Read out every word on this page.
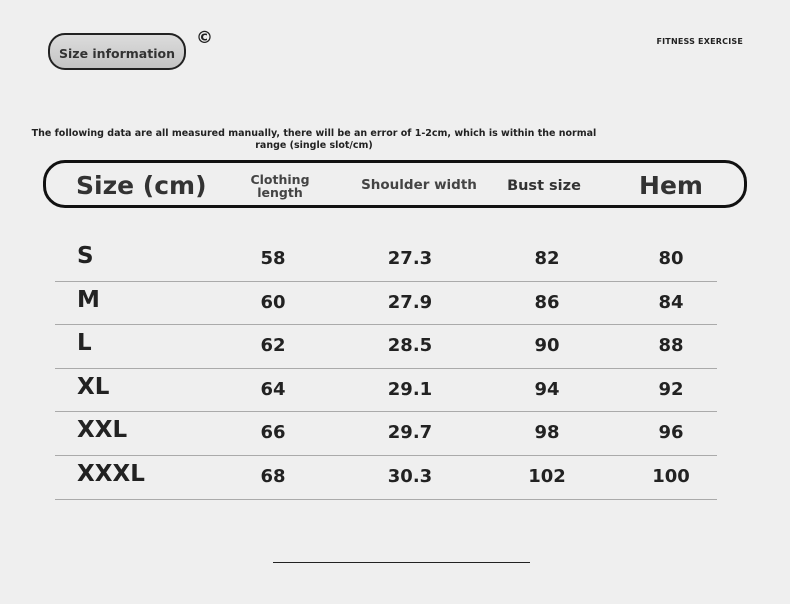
Size information
©	FITNESS EXERCISE
The following data are all measured manually, there will be an error of 1-2cm, which is within the normal range (single slot/cm)
Size (cm)	Clothing length	Shoulder width	Bust size	Hem
S	58	27.3	82	80
M	60	27.9	86	84
L	62	28.5	90	88
XL	64	29.1	94	92
XXL	66	29.7	98	96
XXXL	68	30.3	102	100
